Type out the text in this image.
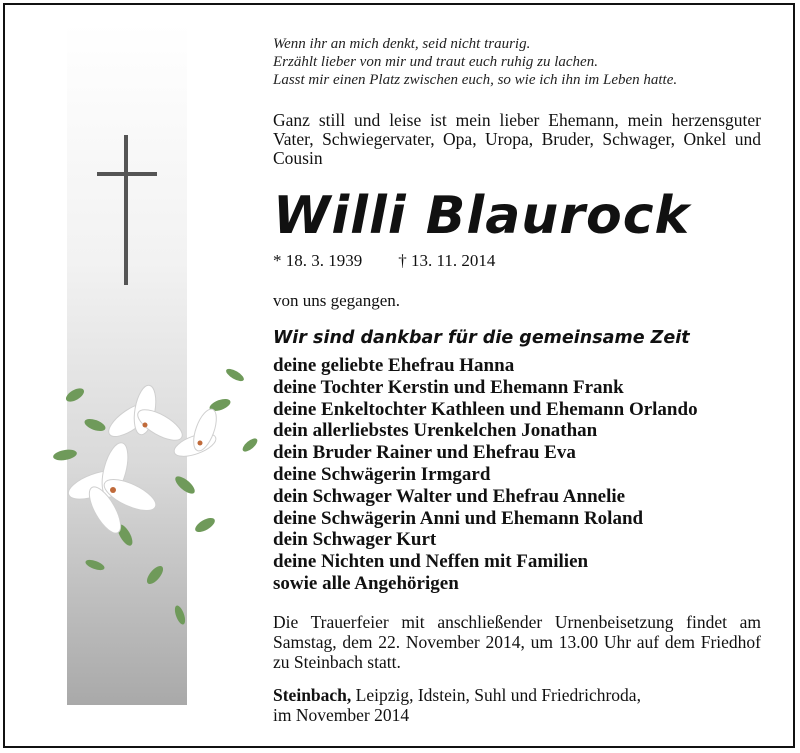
Wenn ihr an mich denkt, seid nicht traurig.
Erzählt lieber von mir und traut euch ruhig zu lachen.
Lasst mir einen Platz zwischen euch, so wie ich ihn im Leben hatte.
Ganz still und leise ist mein lieber Ehemann, mein herzensguter Vater, Schwiegervater, Opa, Uropa, Bruder, Schwager, Onkel und Cousin
Willi Blaurock
* 18. 3. 1939 † 13. 11. 2014
von uns gegangen.
Wir sind dankbar für die gemeinsame Zeit
deine geliebte Ehefrau Hanna
deine Tochter Kerstin und Ehemann Frank
deine Enkeltochter Kathleen und Ehemann Orlando
dein allerliebstes Urenkelchen Jonathan
dein Bruder Rainer und Ehefrau Eva
deine Schwägerin Irmgard
dein Schwager Walter und Ehefrau Annelie
deine Schwägerin Anni und Ehemann Roland
dein Schwager Kurt
deine Nichten und Neffen mit Familien
sowie alle Angehörigen
Die Trauerfeier mit anschließender Urnenbeisetzung findet am Samstag, dem 22. November 2014, um 13.00 Uhr auf dem Friedhof zu Steinbach statt.
Steinbach, Leipzig, Idstein, Suhl und Friedrichroda,
im November 2014
